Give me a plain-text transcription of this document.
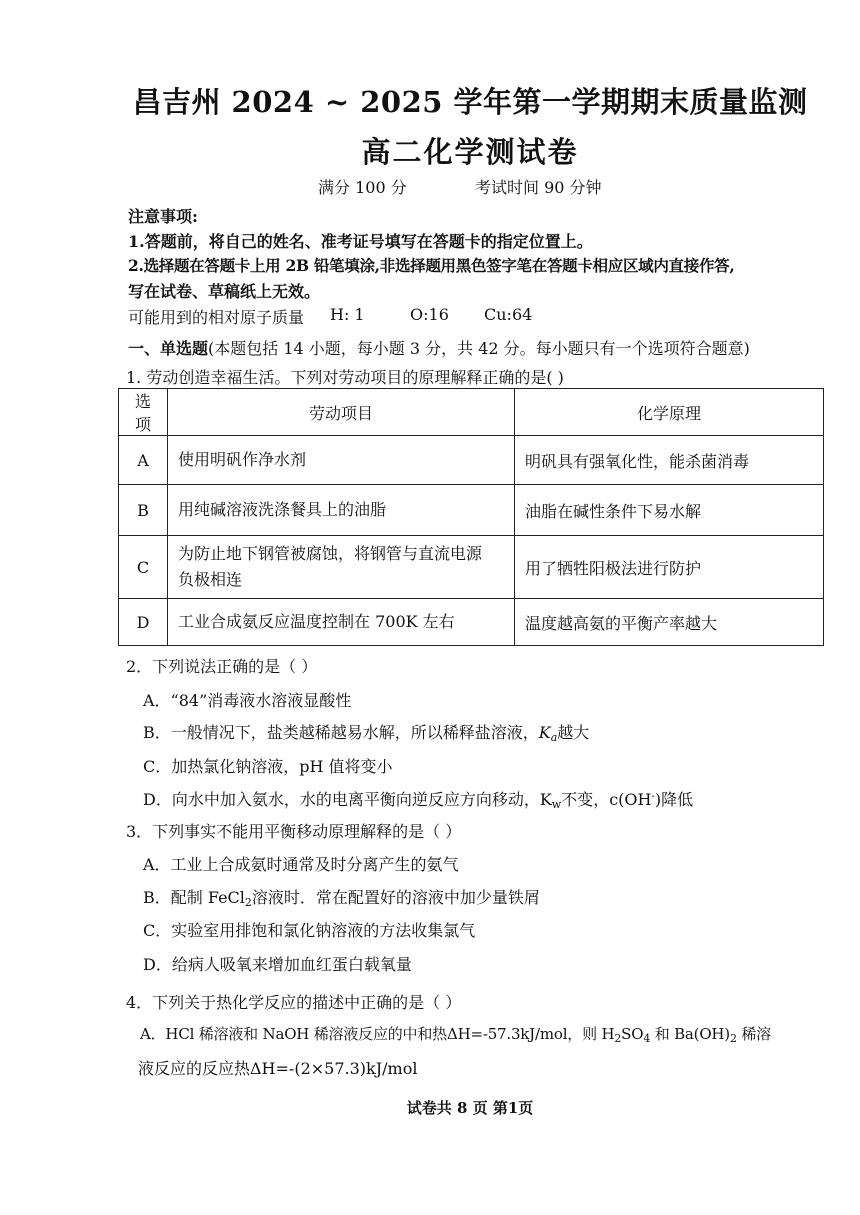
昌吉州 2024 ~ 2025 学年第一学期期末质量监测
高二化学测试卷
满分 100 分	考试时间 90 分钟
注意事项:
1.答题前，将自己的姓名、准考证号填写在答题卡的指定位置上。
2.选择题在答题卡上用 2B 铅笔填涂,非选择题用黑色签字笔在答题卡相应区域内直接作答,
写在试卷、草稿纸上无效。
可能用到的相对原子质量 H: 1	O:16 Cu:64
一、单选题(本题包括 14 小题，每小题 3 分，共 42 分。每小题只有一个选项符合题意)
1. 劳动创造幸福生活。下列对劳动项目的原理解释正确的是( )
选项	劳动项目	化学原理
A	使用明矾作净水剂	明矾具有强氧化性，能杀菌消毒
B	用纯碱溶液洗涤餐具上的油脂	油脂在碱性条件下易水解
C	为防止地下钢管被腐蚀，将钢管与直流电源
负极相连	用了牺牲阳极法进行防护
D	工业合成氨反应温度控制在 700K 左右	温度越高氨的平衡产率越大
2．下列说法正确的是（ ）
A．“84”消毒液水溶液显酸性
B．一般情况下，盐类越稀越易水解，所以稀释盐溶液，$K_a$越大
C．加热氯化钠溶液，pH 值将变小
D．向水中加入氨水，水的电离平衡向逆反应方向移动，$K_w$不变，c(OH-)降低
3．下列事实不能用平衡移动原理解释的是（ ）
A．工业上合成氨时通常及时分离产生的氨气
B．配制 FeCl$_2$溶液时．常在配置好的溶液中加少量铁屑
C．实验室用排饱和氯化钠溶液的方法收集氯气
D．给病人吸氧来增加血红蛋白载氧量
4．下列关于热化学反应的描述中正确的是（ ）
A．HCl 稀溶液和 NaOH 稀溶液反应的中和热ΔH=-57.3kJ/mol，则 $H_2SO_4$ 和 $Ba(OH)_2$ 稀溶
液反应的反应热ΔH=-(2×57.3)kJ/mol
试卷共 8 页 第1页
